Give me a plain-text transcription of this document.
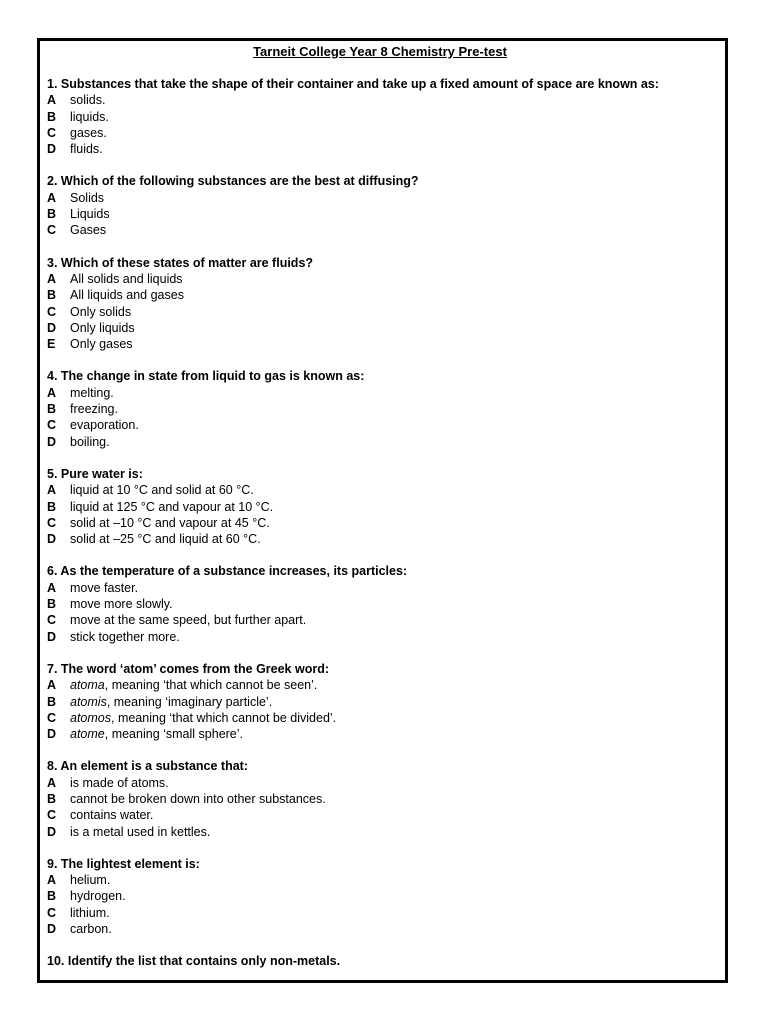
Tarneit College Year 8 Chemistry Pre-test
1. Substances that take the shape of their container and take up a fixed amount of space are known as:
A solids.
B liquids.
C gases.
D fluids.
2. Which of the following substances are the best at diffusing?
A Solids
B Liquids
C Gases
3. Which of these states of matter are fluids?
A All solids and liquids
B All liquids and gases
C Only solids
D Only liquids
E Only gases
4. The change in state from liquid to gas is known as:
A melting.
B freezing.
C evaporation.
D boiling.
5. Pure water is:
A liquid at 10 °C and solid at 60 °C.
B liquid at 125 °C and vapour at 10 °C.
C solid at –10 °C and vapour at 45 °C.
D solid at –25 °C and liquid at 60 °C.
6. As the temperature of a substance increases, its particles:
A move faster.
B move more slowly.
C move at the same speed, but further apart.
D stick together more.
7. The word ‘atom’ comes from the Greek word:
A atoma, meaning ‘that which cannot be seen’.
B atomis, meaning ‘imaginary particle’.
C atomos, meaning ‘that which cannot be divided’.
D atome, meaning ‘small sphere’.
8. An element is a substance that:
A is made of atoms.
B cannot be broken down into other substances.
C contains water.
D is a metal used in kettles.
9. The lightest element is:
A helium.
B hydrogen.
C lithium.
D carbon.
10. Identify the list that contains only non-metals.
